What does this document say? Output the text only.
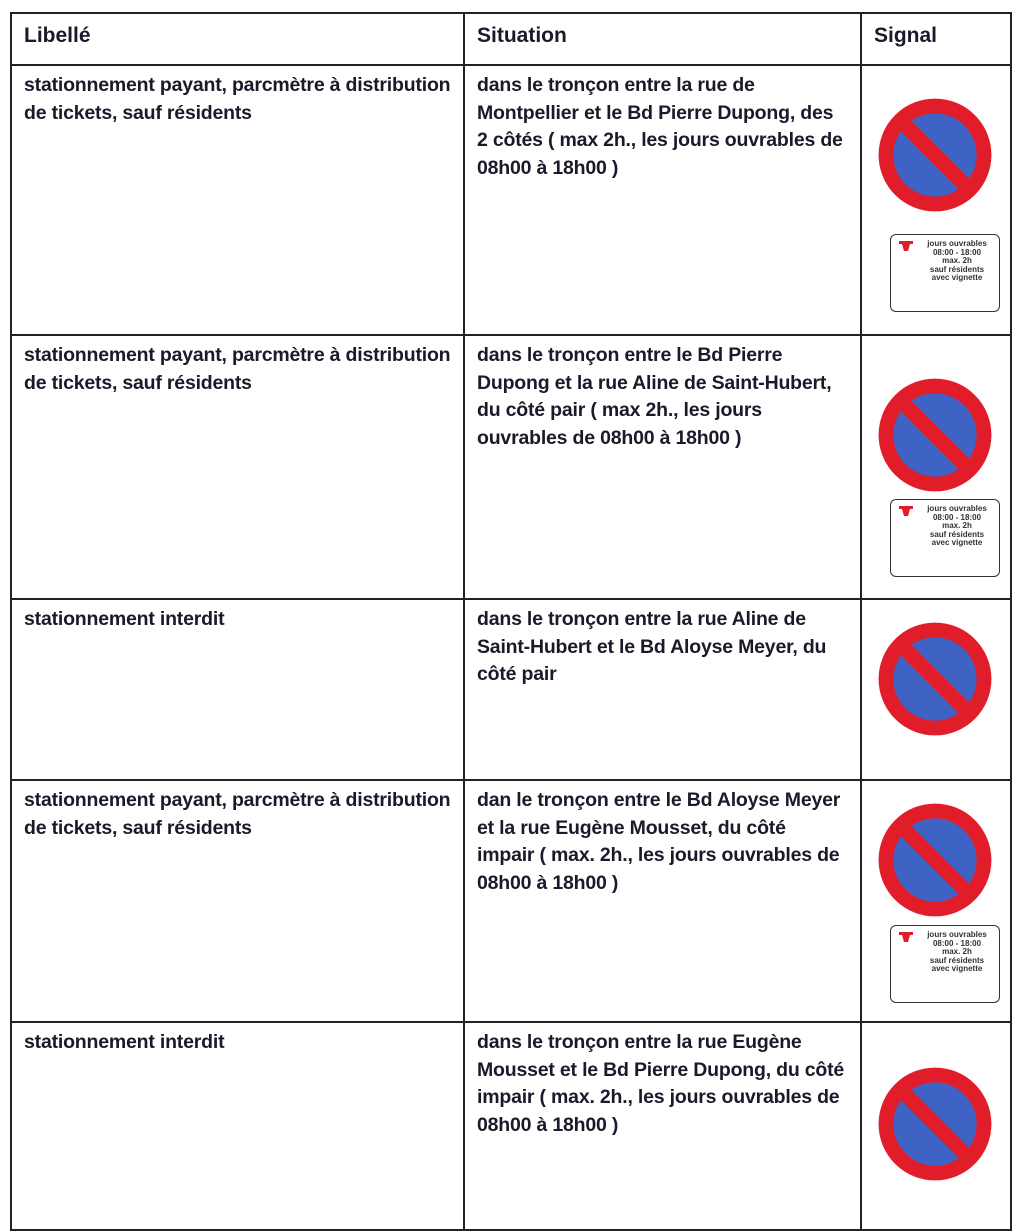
Libellé	Situation	Signal
stationnement payant, parcmètre à distribution de tickets, sauf résidents	dans le tronçon entre la rue de Montpellier et le Bd Pierre Dupong, des 2 côtés ( max 2h., les jours ouvrables de 08h00 à 18h00 )	jours ouvrables
08:00 - 18:00
max. 2h
sauf résidents
avec vignette

stationnement payant, parcmètre à distribution de tickets, sauf résidents	dans le tronçon entre le Bd Pierre Dupong et la rue Aline de Saint-Hubert, du côté pair ( max 2h., les jours ouvrables de 08h00 à 18h00 )	jours ouvrables
08:00 - 18:00
max. 2h
sauf résidents
avec vignette

stationnement interdit	dans le tronçon entre la rue Aline de Saint-Hubert et le Bd Aloyse Meyer, du côté pair	

stationnement payant, parcmètre à distribution de tickets, sauf résidents	dan le tronçon entre le Bd Aloyse Meyer et la rue Eugène Mousset, du côté impair ( max. 2h., les jours ouvrables de 08h00 à 18h00 )	jours ouvrables
08:00 - 18:00
max. 2h
sauf résidents
avec vignette

stationnement interdit	dans le tronçon entre la rue Eugène Mousset et le Bd Pierre Dupong, du côté impair ( max. 2h., les jours ouvrables de 08h00 à 18h00 )	
